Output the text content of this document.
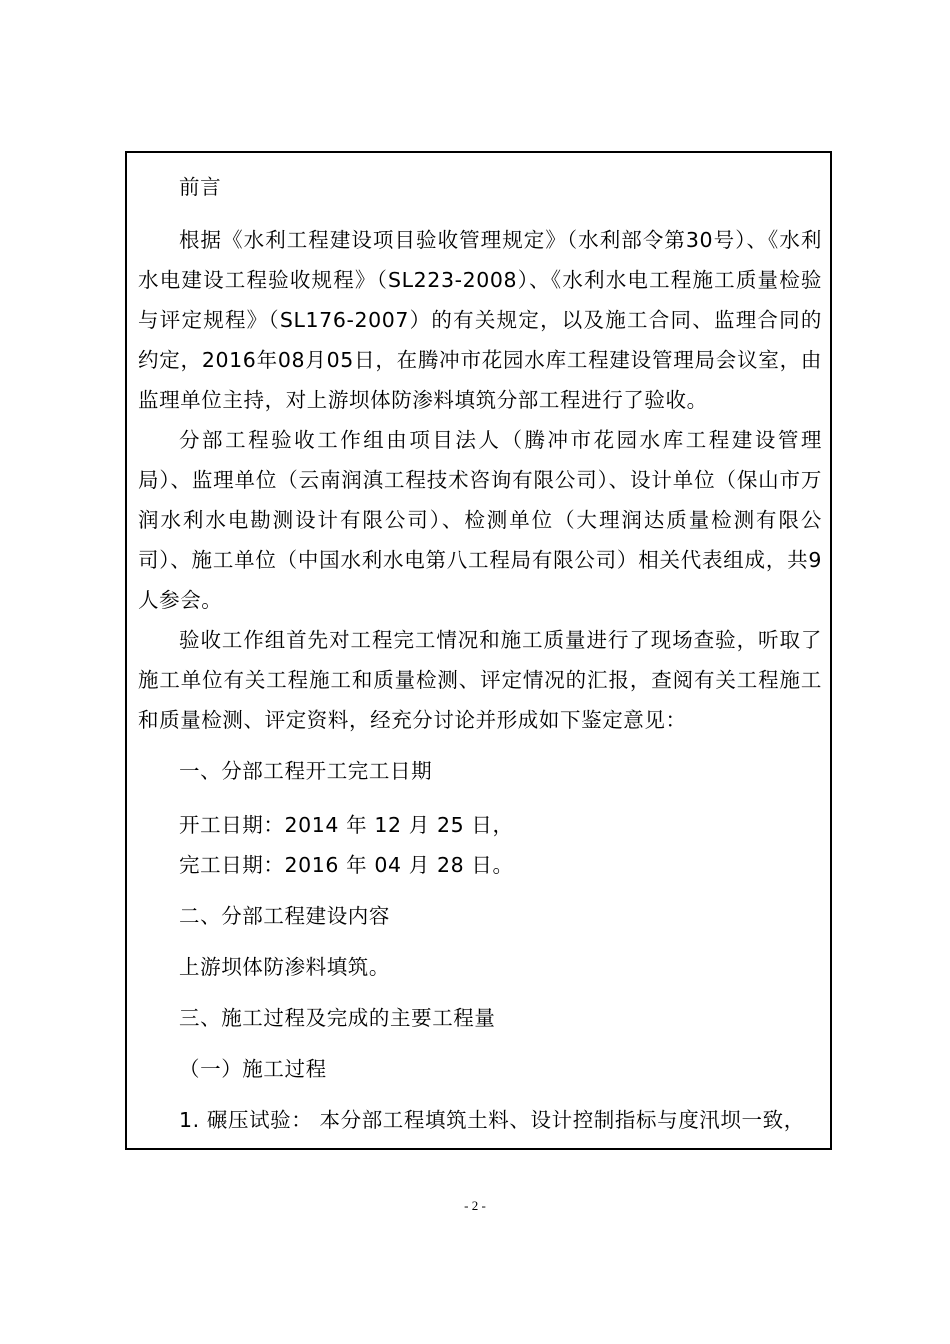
前言

根据《水利工程建设项目验收管理规定》（水利部令第30号）、《水利水电建设工程验收规程》（SL223-2008）、《水利水电工程施工质量检验与评定规程》（SL176-2007）的有关规定，以及施工合同、监理合同的约定，2016年08月05日，在腾冲市花园水库工程建设管理局会议室，由监理单位主持，对上游坝体防渗料填筑分部工程进行了验收。

分部工程验收工作组由项目法人（腾冲市花园水库工程建设管理局）、监理单位（云南润滇工程技术咨询有限公司）、设计单位（保山市万润水利水电勘测设计有限公司）、检测单位（大理润达质量检测有限公司）、施工单位（中国水利水电第八工程局有限公司）相关代表组成，共9人参会。

验收工作组首先对工程完工情况和施工质量进行了现场查验，听取了施工单位有关工程施工和质量检测、评定情况的汇报，查阅有关工程施工和质量检测、评定资料，经充分讨论并形成如下鉴定意见：

一、分部工程开工完工日期

开工日期：2014 年 12 月 25 日，

完工日期：2016 年 04 月 28 日。

二、分部工程建设内容

上游坝体防渗料填筑。

三、施工过程及完成的主要工程量

（一）施工过程

1. 碾压试验： 本分部工程填筑土料、设计控制指标与度汛坝一致，

- 2 -
